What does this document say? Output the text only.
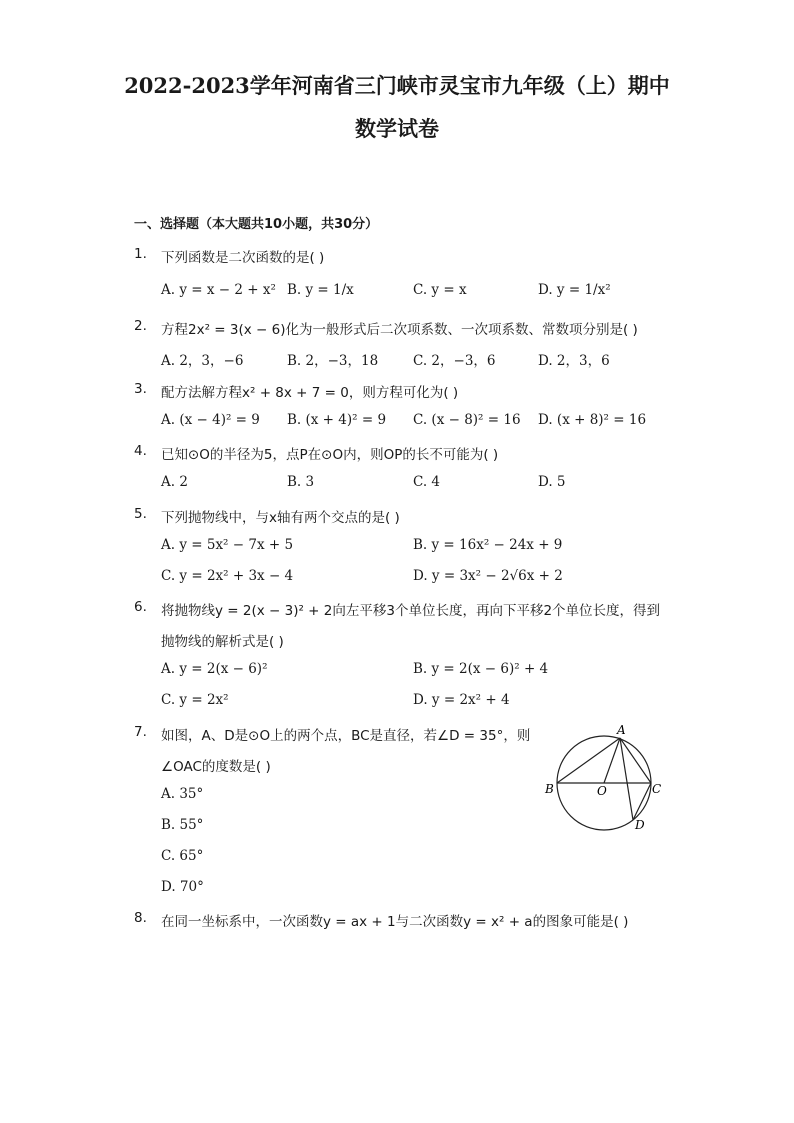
2022-2023学年河南省三门峡市灵宝市九年级（上）期中
数学试卷
一、选择题（本大题共10小题，共30分）
1. 下列函数是二次函数的是( )
A. y = x − 2 + x² B. y = 1/x	C. y = x	D. y = 1/x²
2. 方程2x² = 3(x − 6)化为一般形式后二次项系数、一次项系数、常数项分别是( )
A. 2，3，−6	B. 2，−3，18	C. 2，−3，6	D. 2，3，6
3. 配方法解方程x² + 8x + 7 = 0，则方程可化为( )
A. (x − 4)² = 9 B. (x + 4)² = 9 C. (x − 8)² = 16 D. (x + 8)² = 16
4. 已知⊙O的半径为5，点P在⊙O内，则OP的长不可能为( )
A. 2	B. 3	C. 4	D. 5
5. 下列抛物线中，与x轴有两个交点的是( )
A. y = 5x² − 7x + 5	B. y = 16x² − 24x + 9
C. y = 2x² + 3x − 4	D. y = 3x² − 2√6x + 2
6. 将抛物线y = 2(x − 3)² + 2向左平移3个单位长度，再向下平移2个单位长度，得到
抛物线的解析式是( )
A. y = 2(x − 6)²	B. y = 2(x − 6)² + 4
C. y = 2x²	D. y = 2x² + 4
7. 如图，A、D是⊙O上的两个点，BC是直径，若∠D = 35°，则
∠OAC的度数是( )
A. 35°
B. 55°
C. 65°
D. 70°
A
B	O	C
D
8. 在同一坐标系中，一次函数y = ax + 1与二次函数y = x² + a的图象可能是( )
